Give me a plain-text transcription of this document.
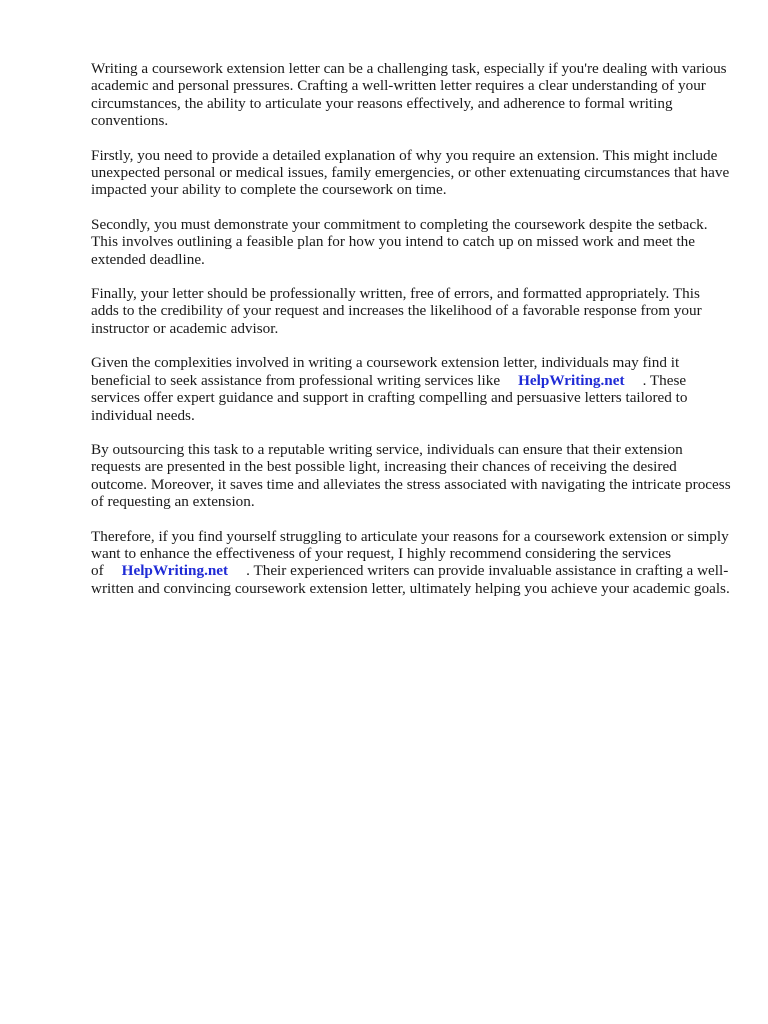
Writing a coursework extension letter can be a challenging task, especially if you're dealing with various academic and personal pressures. Crafting a well-written letter requires a clear understanding of your circumstances, the ability to articulate your reasons effectively, and adherence to formal writing conventions.

Firstly, you need to provide a detailed explanation of why you require an extension. This might include unexpected personal or medical issues, family emergencies, or other extenuating circumstances that have impacted your ability to complete the coursework on time.

Secondly, you must demonstrate your commitment to completing the coursework despite the setback. This involves outlining a feasible plan for how you intend to catch up on missed work and meet the extended deadline.

Finally, your letter should be professionally written, free of errors, and formatted appropriately. This adds to the credibility of your request and increases the likelihood of a favorable response from your instructor or academic advisor.

Given the complexities involved in writing a coursework extension letter, individuals may find it beneficial to seek assistance from professional writing services like HelpWriting.net . These services offer expert guidance and support in crafting compelling and persuasive letters tailored to individual needs.

By outsourcing this task to a reputable writing service, individuals can ensure that their extension requests are presented in the best possible light, increasing their chances of receiving the desired outcome. Moreover, it saves time and alleviates the stress associated with navigating the intricate process of requesting an extension.

Therefore, if you find yourself struggling to articulate your reasons for a coursework extension or simply want to enhance the effectiveness of your request, I highly recommend considering the services of HelpWriting.net . Their experienced writers can provide invaluable assistance in crafting a well-written and convincing coursework extension letter, ultimately helping you achieve your academic goals.
